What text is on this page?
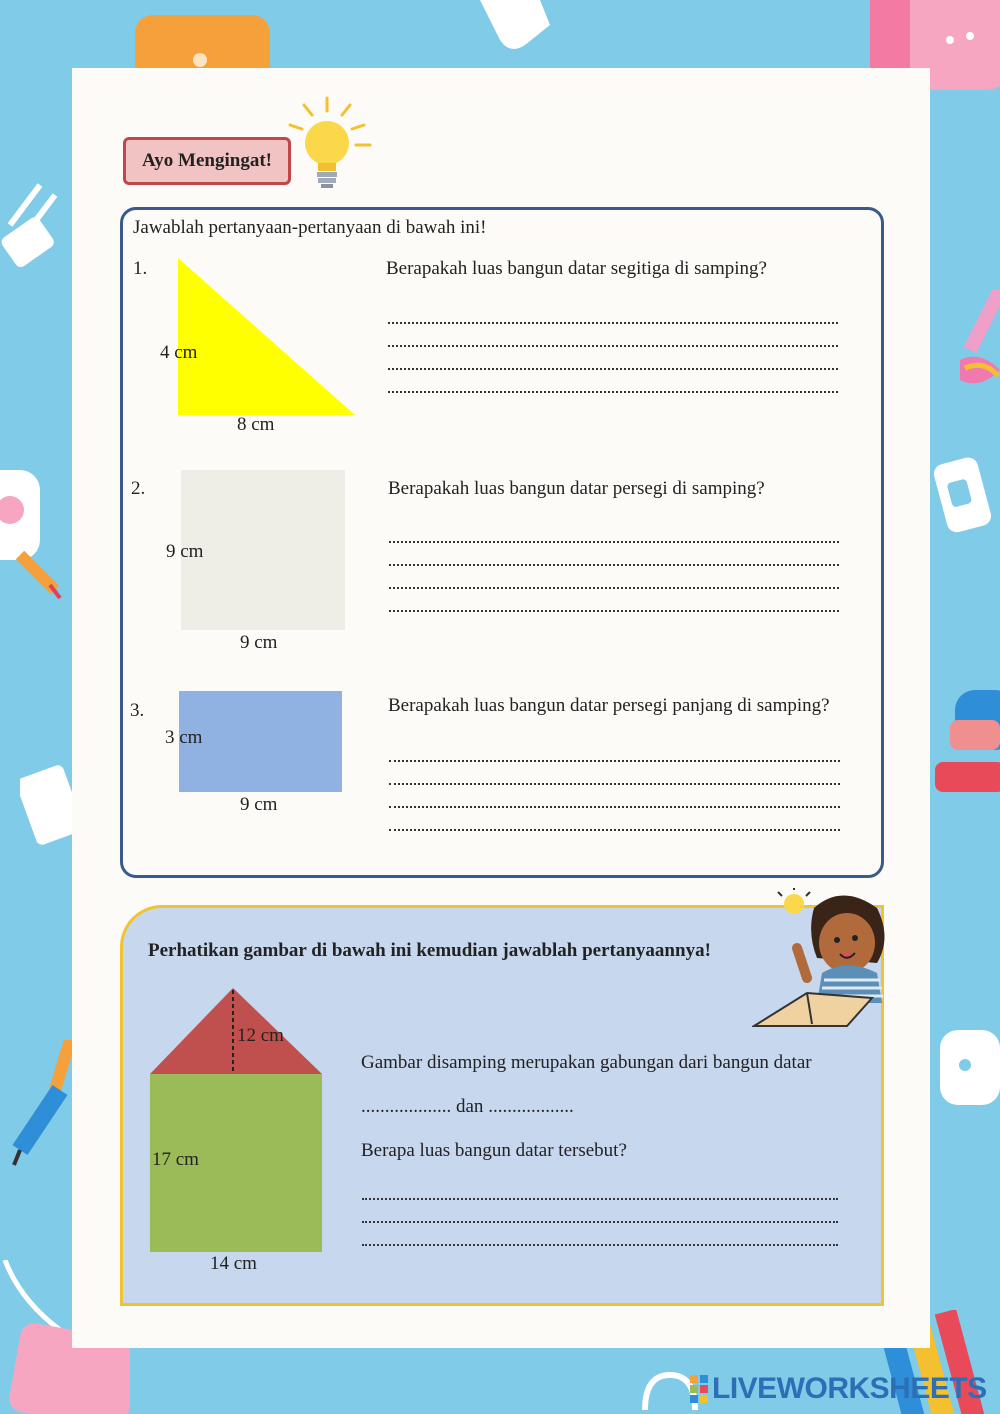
Ayo Mengingat!
Jawablah pertanyaan-pertanyaan di bawah ini!
1.
4 cm
8 cm
Berapakah luas bangun datar segitiga di samping?
2.
9 cm
9 cm
Berapakah luas bangun datar persegi di samping?
3.
3 cm
9 cm
Berapakah luas bangun datar persegi panjang di samping?
Perhatikan gambar di bawah ini kemudian jawablah pertanyaannya!
12 cm
17 cm
14 cm
Gambar disamping merupakan gabungan dari bangun datar
................... dan ..................
Berapa luas bangun datar tersebut?
LIVEWORKSHEETS
